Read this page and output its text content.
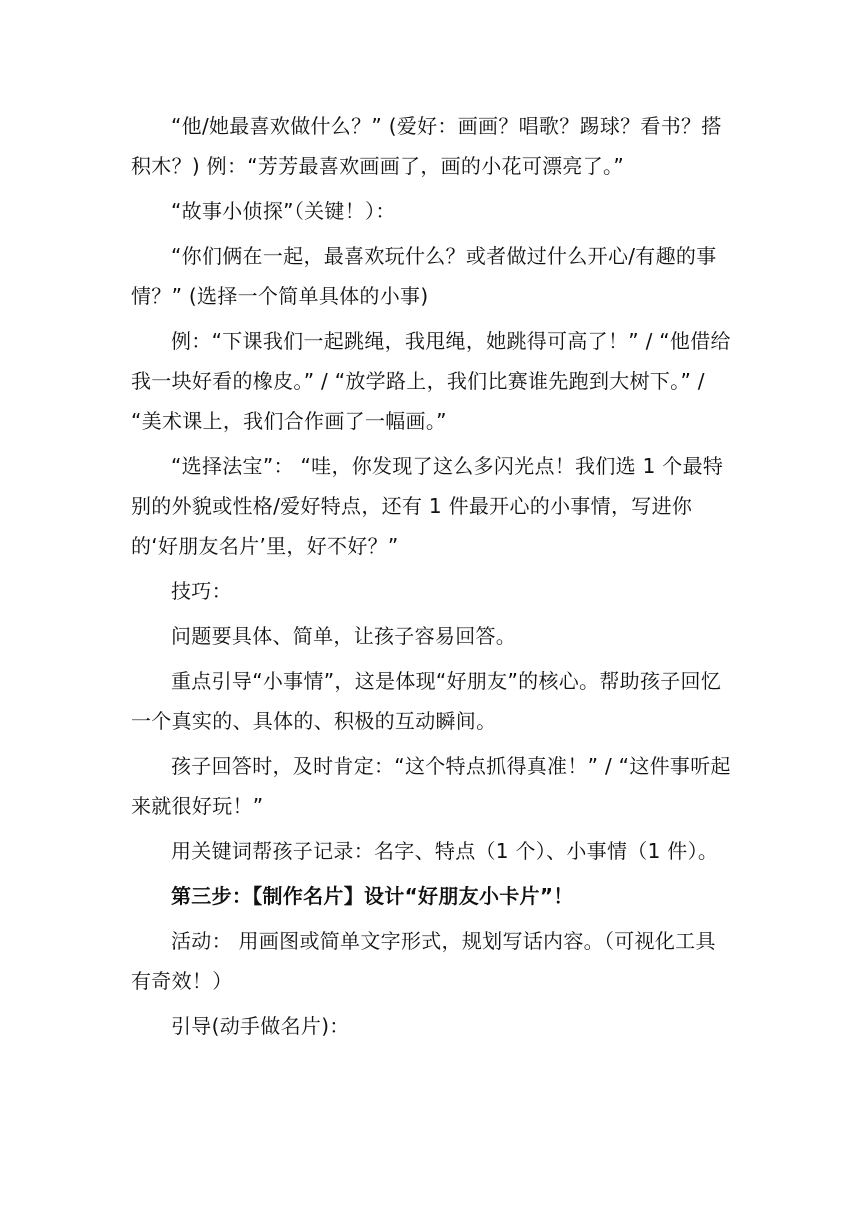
“他/她最喜欢做什么？” (爱好：画画？唱歌？踢球？看书？搭积木？) 例：“芳芳最喜欢画画了，画的小花可漂亮了。”

“故事小侦探”（关键！）：

“你们俩在一起，最喜欢玩什么？或者做过什么开心/有趣的事情？” (选择一个简单具体的小事)

例：“下课我们一起跳绳，我甩绳，她跳得可高了！” / “他借给我一块好看的橡皮。” / “放学路上，我们比赛谁先跑到大树下。” / “美术课上，我们合作画了一幅画。”

“选择法宝”： “哇，你发现了这么多闪光点！我们选 1 个最特别的外貌或性格/爱好特点，还有 1 件最开心的小事情，写进你的‘好朋友名片’里，好不好？”

技巧：

问题要具体、简单，让孩子容易回答。

重点引导“小事情”，这是体现“好朋友”的核心。帮助孩子回忆一个真实的、具体的、积极的互动瞬间。

孩子回答时，及时肯定：“这个特点抓得真准！” / “这件事听起来就很好玩！”

用关键词帮孩子记录：名字、特点（1 个）、小事情（1 件）。

第三步：【制作名片】设计“好朋友小卡片”！

活动： 用画图或简单文字形式，规划写话内容。（可视化工具有奇效！）

引导(动手做名片)：
